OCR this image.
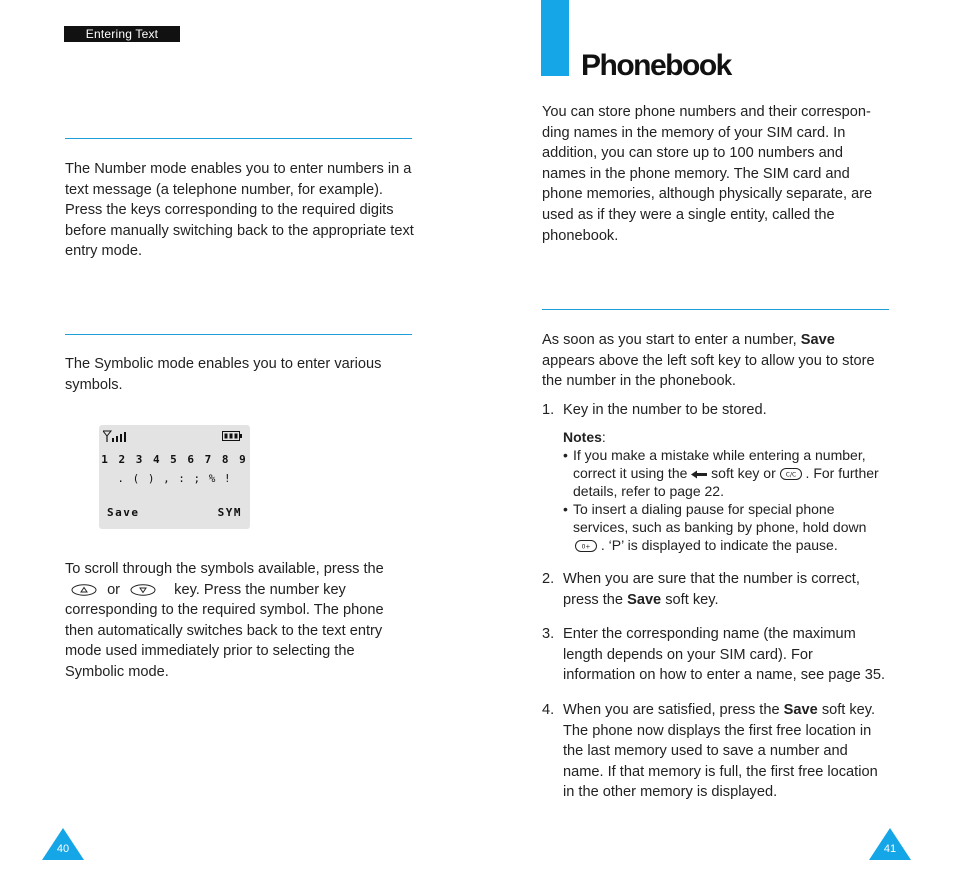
Entering Text

The Number mode enables you to enter numbers in a text message (a telephone number, for example). Press the keys corresponding to the required digits before manually switching back to the appropriate text entry mode.

The Symbolic mode enables you to enter various symbols.

1 2 3 4 5 6 7 8 9
. ( ) , : ; % !
Save	SYM

To scroll through the symbols available, press the  or	key. Press the number key corresponding to the required symbol. The phone then automatically switches back to the text entry mode used immediately prior to selecting the Symbolic mode.

40
Phonebook

You can store phone numbers and their correspon-ding names in the memory of your SIM card. In addition, you can store up to 100 numbers and names in the phone memory. The SIM card and phone memories, although physically separate, are used as if they were a single entity, called the phonebook.

As soon as you start to enter a number, Save appears above the left soft key to allow you to store the number in the phonebook.

1. Key in the number to be stored.
Notes:
• If you make a mistake while entering a number, correct it using the soft key or C/C . For further details, refer to page 22.
• To insert a dialing pause for special phone services, such as banking by phone, hold down
0+ . ‘P’ is displayed to indicate the pause.
2. When you are sure that the number is correct, press the Save soft key.
3. Enter the corresponding name (the maximum length depends on your SIM card). For information on how to enter a name, see page 35.
4. When you are satisfied, press the Save soft key. The phone now displays the first free location in the last memory used to save a number and name. If that memory is full, the first free location in the other memory is displayed.
41
